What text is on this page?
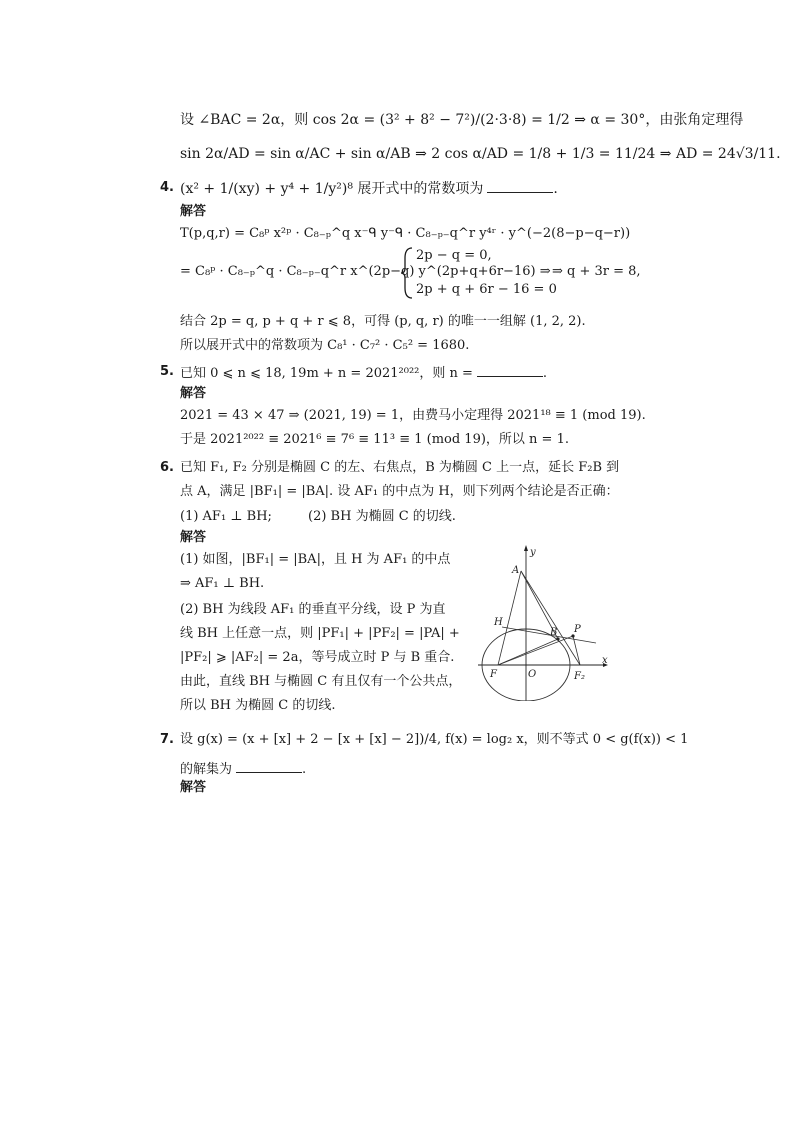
设 ∠BAC = 2α，则 cos 2α = (3² + 8² − 7²)/(2·3·8) = 1/2 ⇒ α = 30°，由张角定理得
sin 2α/AD = sin α/AC + sin α/AB ⇒ 2 cos α/AD = 1/8 + 1/3 = 11/24 ⇒ AD = 24√3/11.
4. (x² + 1/(xy) + y⁴ + 1/y²)⁸ 展开式中的常数项为	.
解答
T(p,q,r) = C₈ᵖ x²ᵖ · C₈₋ₚ^q x⁻ᑫ y⁻ᑫ · C₈₋ₚ₋q^r y⁴ʳ · y^(−2(8−p−q−r))
= C₈ᵖ · C₈₋ₚ^q · C₈₋ₚ₋q^r x^(2p−q) y^(2p+q+6r−16) ⇒
2p − q = 0,
2p + q + 6r − 16 = 0
⇒ q + 3r = 8,
结合 2p = q, p + q + r ⩽ 8，可得 (p, q, r) 的唯一一组解 (1, 2, 2).
所以展开式中的常数项为 C₈¹ · C₇² · C₅² = 1680.
5. 已知 0 ⩽ n ⩽ 18, 19m + n = 2021²⁰²²，则 n =	.
解答
2021 = 43 × 47 ⇒ (2021, 19) = 1，由费马小定理得 2021¹⁸ ≡ 1 (mod 19).
于是 2021²⁰²² ≡ 2021⁶ ≡ 7⁶ ≡ 11³ ≡ 1 (mod 19)，所以 n = 1.
6. 已知 F₁, F₂ 分别是椭圆 C 的左、右焦点，B 为椭圆 C 上一点，延长 F₂B 到
点 A，满足 |BF₁| = |BA|. 设 AF₁ 的中点为 H，则下列两个结论是否正确：
(1) AF₁ ⊥ BH;	(2) BH 为椭圆 C 的切线.
解答
(1) 如图，|BF₁| = |BA|，且 H 为 AF₁ 的中点
⇒ AF₁ ⊥ BH.
(2) BH 为线段 AF₁ 的垂直平分线，设 P 为直
线 BH 上任意一点，则 |PF₁| + |PF₂| = |PA| +
|PF₂| ⩾ |AF₂| = 2a，等号成立时 P 与 B 重合.
由此，直线 BH 与椭圆 C 有且仅有一个公共点，
所以 BH 为椭圆 C 的切线.
y
x
A
H
B P
F	O	F₂
7. 设 g(x) = (x + [x] + 2 − [x + [x] − 2])/4, f(x) = log₂ x，则不等式 0 < g(f(x)) < 1
的解集为	.
解答
